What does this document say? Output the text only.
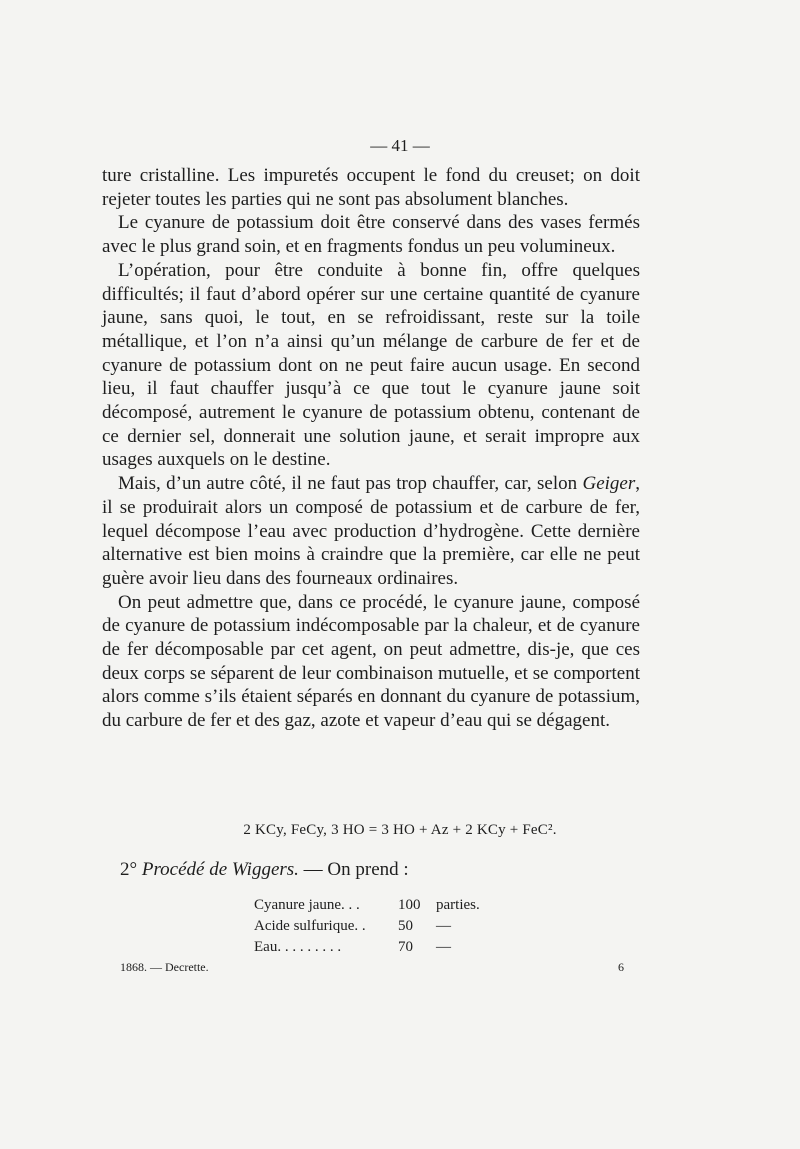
— 41 —

ture cristalline. Les impuretés occupent le fond du creuset; on doit rejeter toutes les parties qui ne sont pas absolument blanches.

Le cyanure de potassium doit être conservé dans des vases fermés avec le plus grand soin, et en fragments fondus un peu volumineux.

L’opération, pour être conduite à bonne fin, offre quelques difficultés; il faut d’abord opérer sur une certaine quantité de cyanure jaune, sans quoi, le tout, en se refroidissant, reste sur la toile métallique, et l’on n’a ainsi qu’un mélange de carbure de fer et de cyanure de potassium dont on ne peut faire aucun usage. En second lieu, il faut chauffer jusqu’à ce que tout le cyanure jaune soit décomposé, autrement le cyanure de potassium obtenu, contenant de ce dernier sel, donnerait une solution jaune, et serait impropre aux usages auxquels on le destine.

Mais, d’un autre côté, il ne faut pas trop chauffer, car, selon Geiger, il se produirait alors un composé de potassium et de carbure de fer, lequel décompose l’eau avec production d’hydrogène. Cette dernière alternative est bien moins à craindre que la première, car elle ne peut guère avoir lieu dans des fourneaux ordinaires.

On peut admettre que, dans ce procédé, le cyanure jaune, composé de cyanure de potassium indécomposable par la chaleur, et de cyanure de fer décomposable par cet agent, on peut admettre, dis-je, que ces deux corps se séparent de leur combinaison mutuelle, et se comportent alors comme s’ils étaient séparés en donnant du cyanure de potassium, du carbure de fer et des gaz, azote et vapeur d’eau qui se dégagent.

2 KCy, FeCy, 3 HO = 3 HO + Az + 2 KCy + FeC².
2° Procédé de Wiggers. — On prend :
Cyanure jaune. . .	100	parties.
Acide sulfurique. .	50	—
Eau. . . . . . . . .	70	—
1868. — Decrette.	6
